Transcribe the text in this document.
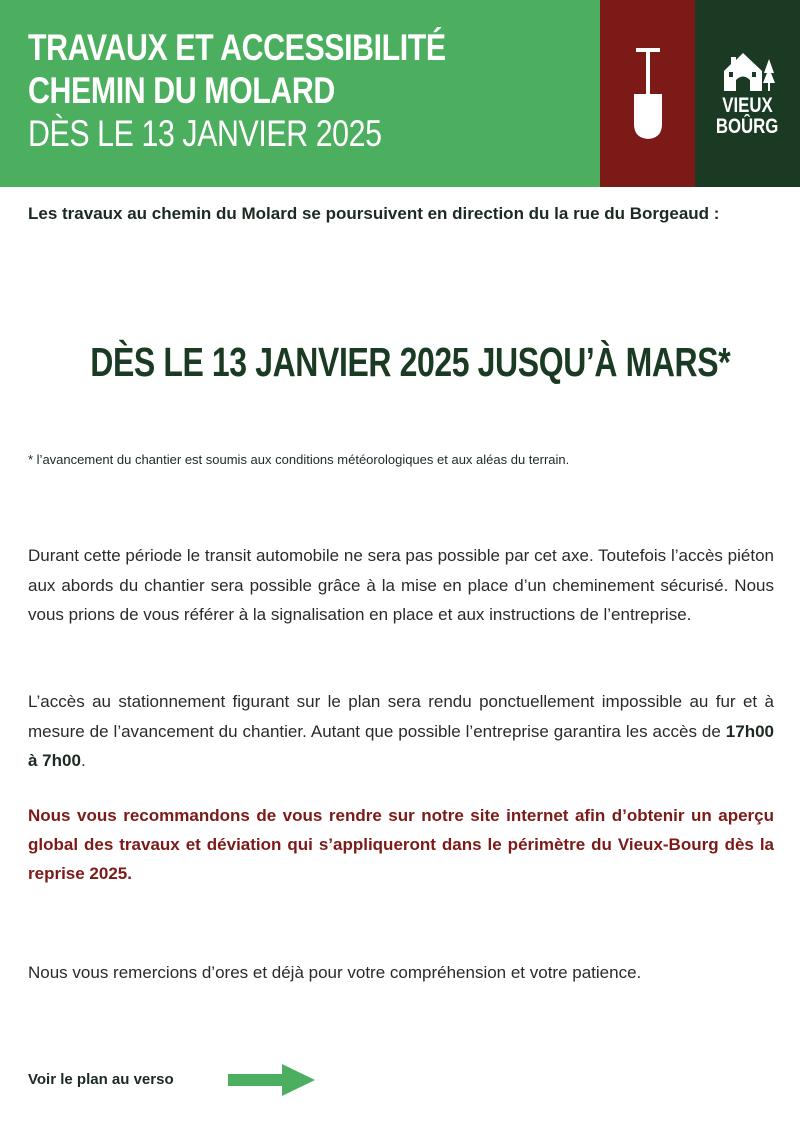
TRAVAUX ET ACCESSIBILITÉ
CHEMIN DU MOLARD
DÈS LE 13 JANVIER 2025
VIEUX
BOÛRG
Les travaux au chemin du Molard se poursuivent en direction du la rue du Borgeaud :
DÈS LE 13 JANVIER 2025 JUSQU’À MARS*
* l’avancement du chantier est soumis aux conditions météorologiques et aux aléas du terrain.
Durant cette période le transit automobile ne sera pas possible par cet axe. Toutefois l’accès piéton aux abords du chantier sera possible grâce à la mise en place d’un cheminement sécurisé. Nous vous prions de vous référer à la signalisation en place et aux instructions de l’entreprise.
L’accès au stationnement figurant sur le plan sera rendu ponctuellement impossible au fur et à mesure de l’avancement du chantier. Autant que possible l’entreprise garantira les accès de 17h00 à 7h00.
Nous vous recommandons de vous rendre sur notre site internet afin d’obtenir un aperçu global des travaux et déviation qui s’appliqueront dans le périmètre du Vieux-Bourg dès la reprise 2025.
Nous vous remercions d’ores et déjà pour votre compréhension et votre patience.
Voir le plan au verso
